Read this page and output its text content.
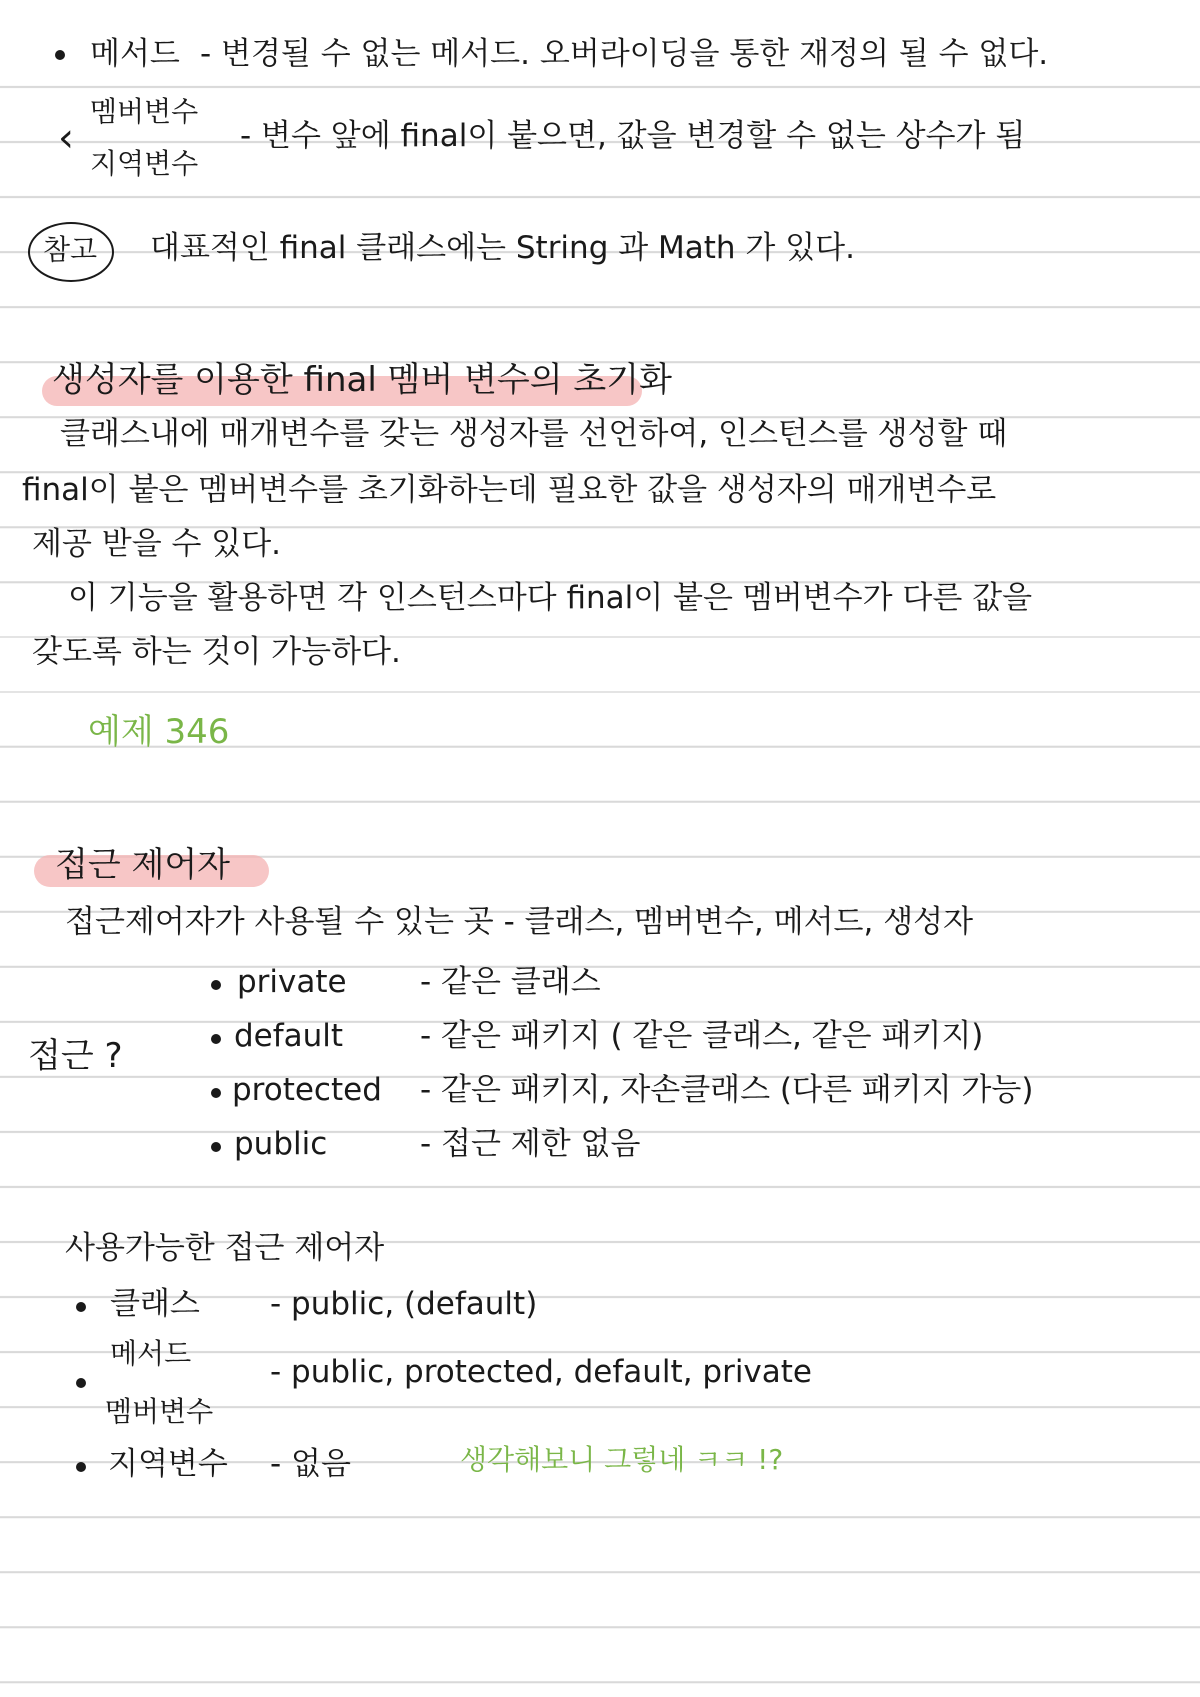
메서드 - 변경될 수 없는 메서드. 오버라이딩을 통한 재정의 될 수 없다.
‹
멤버변수
지역변수
- 변수 앞에 final이 붙으면, 값을 변경할 수 없는 상수가 됨
참고 대표적인 final 클래스에는 String 과 Math 가 있다.
생성자를 이용한 final 멤버 변수의 초기화
클래스내에 매개변수를 갖는 생성자를 선언하여, 인스턴스를 생성할 때
final이 붙은 멤버변수를 초기화하는데 필요한 값을 생성자의 매개변수로
제공 받을 수 있다.
이 기능을 활용하면 각 인스턴스마다 final이 붙은 멤버변수가 다른 값을
갖도록 하는 것이 가능하다.
예제 346
접근 제어자
접근제어자가 사용될 수 있는 곳 - 클래스, 멤버변수, 메서드, 생성자
접근 ?
private - 같은 클래스
default - 같은 패키지 ( 같은 클래스, 같은 패키지)
protected - 같은 패키지, 자손클래스 (다른 패키지 가능)
public	- 접근 제한 없음
사용가능한 접근 제어자
클래스 - public, (default)
메서드
멤버변수
- public, protected, default, private
지역변수 - 없음	생각해보니 그렇네 ㅋㅋ !?
